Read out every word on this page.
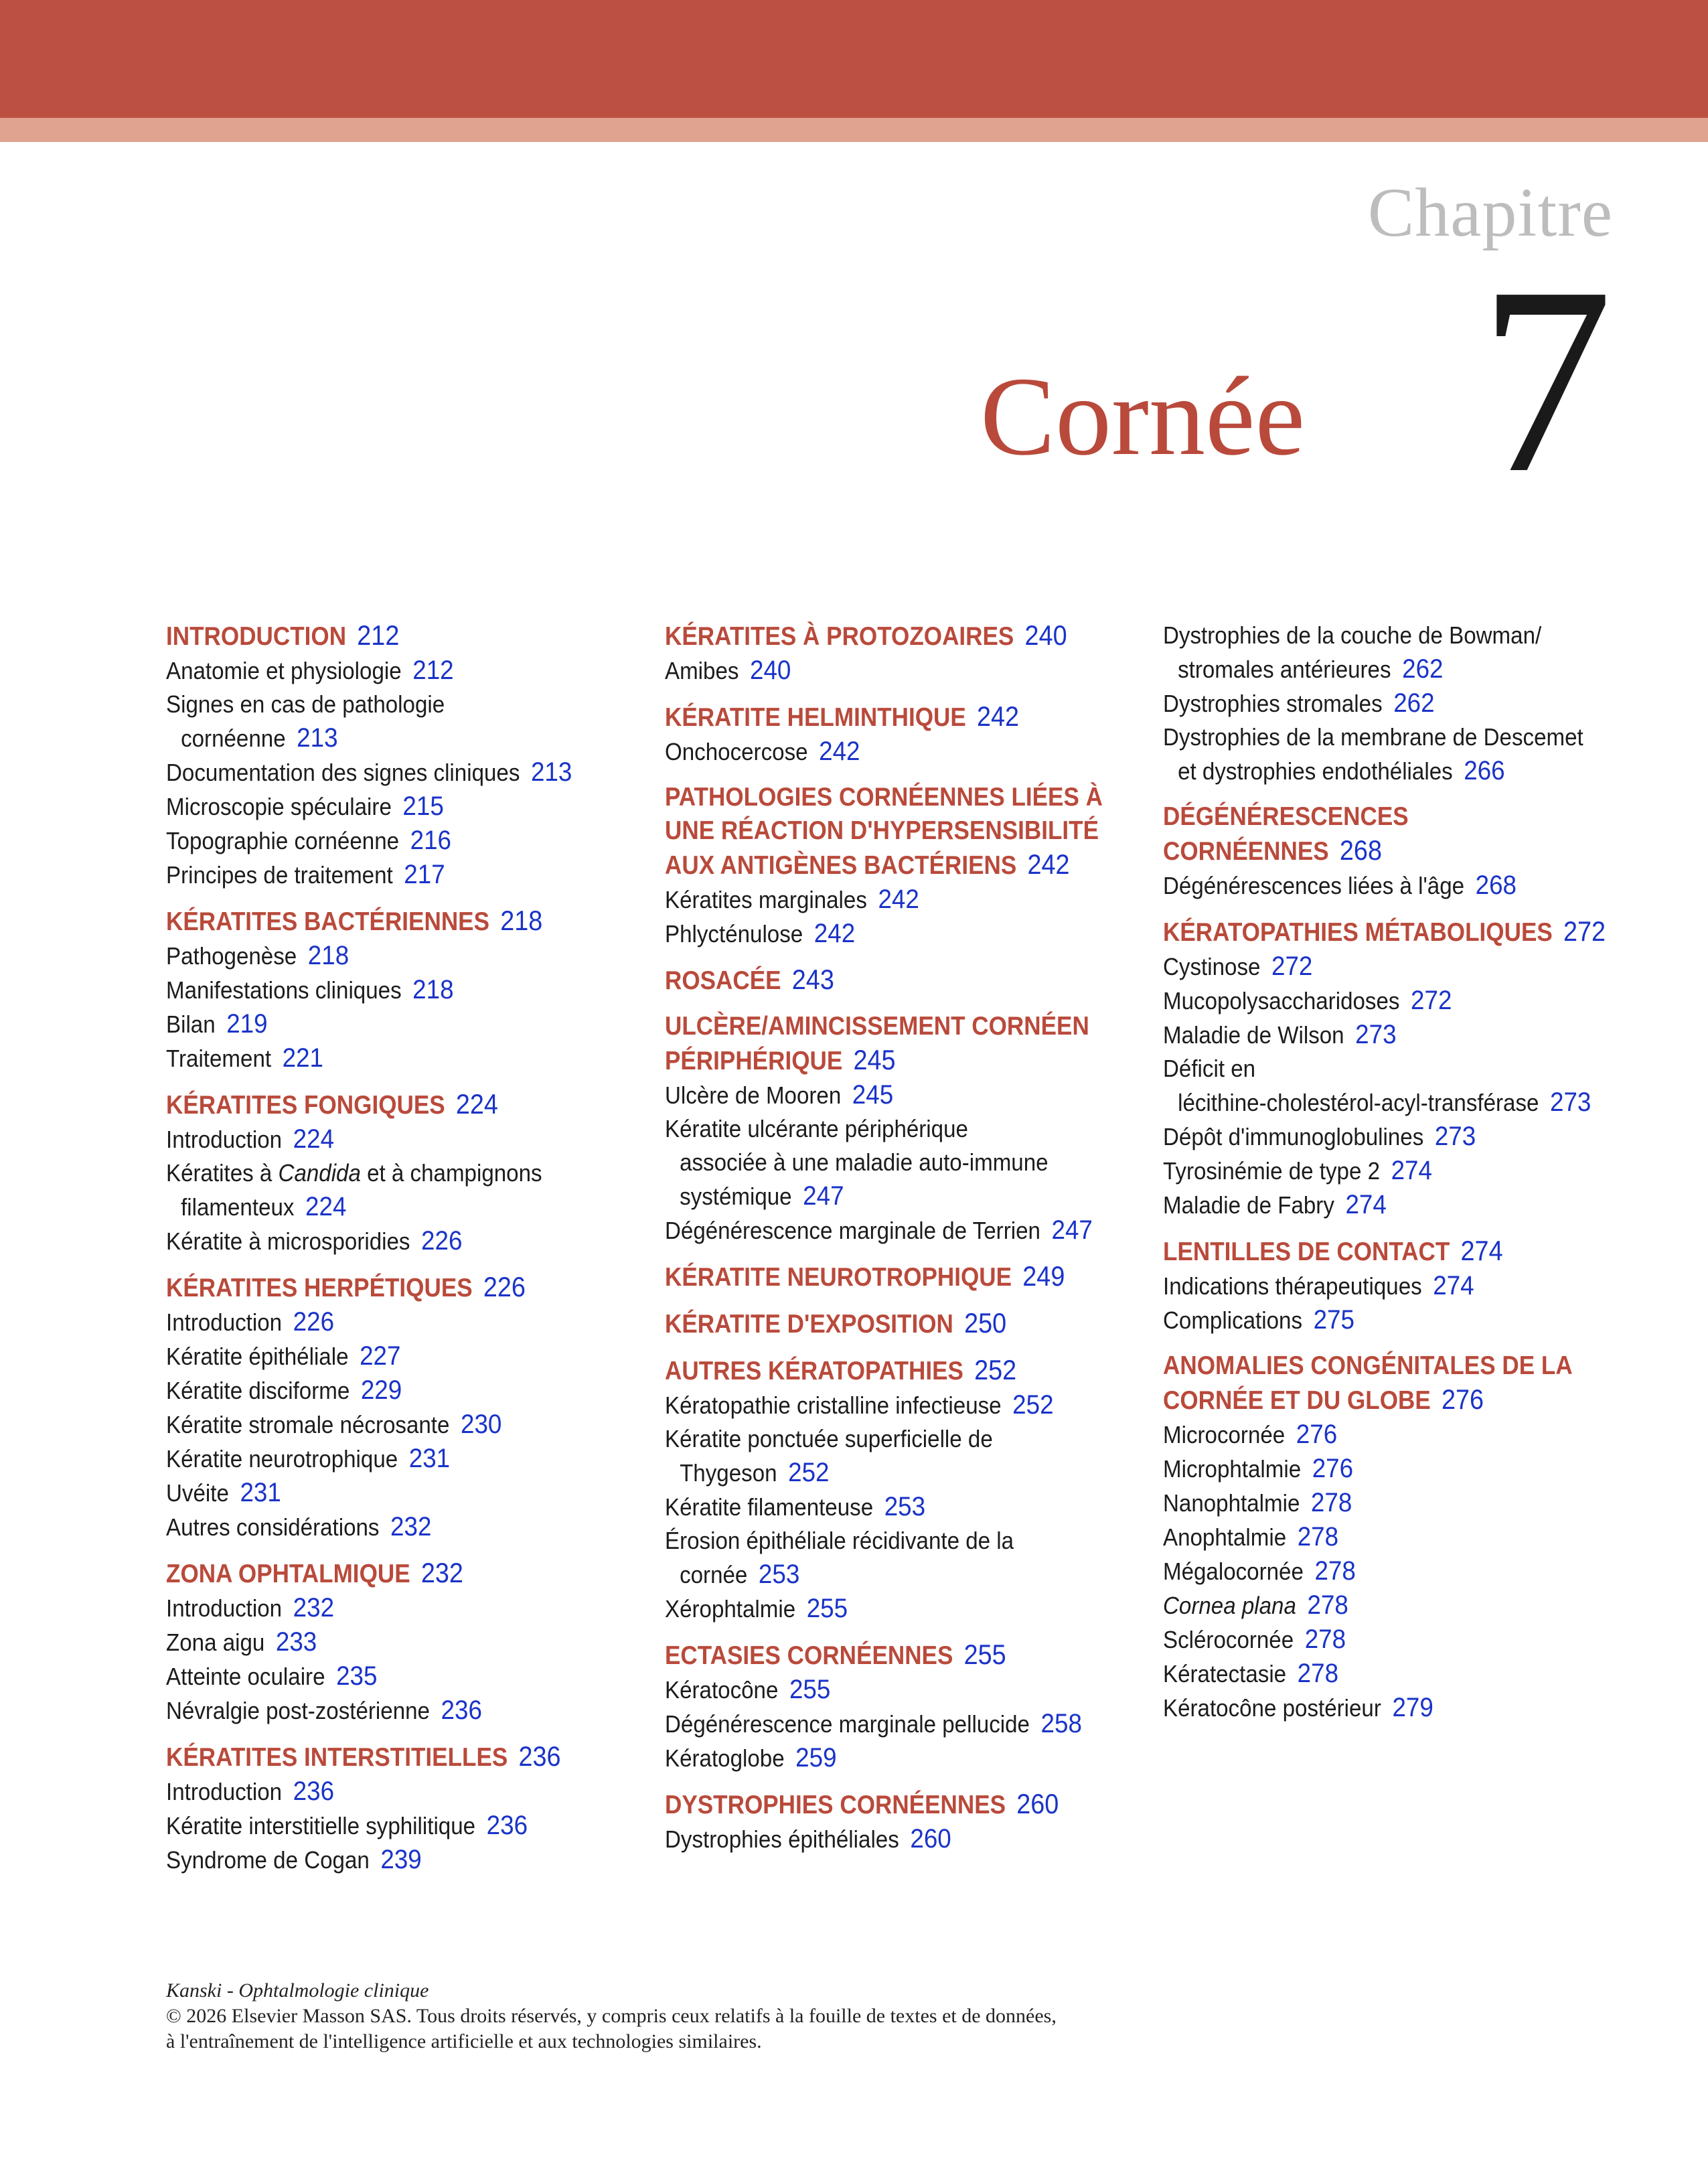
Chapitre
7
Cornée
INTRODUCTION 212
Anatomie et physiologie 212
Signes en cas de pathologie
cornéenne 213
Documentation des signes cliniques 213
Microscopie spéculaire 215
Topographie cornéenne 216
Principes de traitement 217
KÉRATITES BACTÉRIENNES 218
Pathogenèse 218
Manifestations cliniques 218
Bilan 219
Traitement 221
KÉRATITES FONGIQUES 224
Introduction 224
Kératites à Candida et à champignons
filamenteux 224
Kératite à microsporidies 226
KÉRATITES HERPÉTIQUES 226
Introduction 226
Kératite épithéliale 227
Kératite disciforme 229
Kératite stromale nécrosante 230
Kératite neurotrophique 231
Uvéite 231
Autres considérations 232
ZONA OPHTALMIQUE 232
Introduction 232
Zona aigu 233
Atteinte oculaire 235
Névralgie post-zostérienne 236
KÉRATITES INTERSTITIELLES 236
Introduction 236
Kératite interstitielle syphilitique 236
Syndrome de Cogan 239
KÉRATITES À PROTOZOAIRES 240
Amibes 240
KÉRATITE HELMINTHIQUE 242
Onchocercose 242
PATHOLOGIES CORNÉENNES LIÉES À
UNE RÉACTION D'HYPERSENSIBILITÉ
AUX ANTIGÈNES BACTÉRIENS 242
Kératites marginales 242
Phlycténulose 242
ROSACÉE 243
ULCÈRE/AMINCISSEMENT CORNÉEN
PÉRIPHÉRIQUE 245
Ulcère de Mooren 245
Kératite ulcérante périphérique
associée à une maladie auto-immune
systémique 247
Dégénérescence marginale de Terrien 247
KÉRATITE NEUROTROPHIQUE 249
KÉRATITE D'EXPOSITION 250
AUTRES KÉRATOPATHIES 252
Kératopathie cristalline infectieuse 252
Kératite ponctuée superficielle de
Thygeson 252
Kératite filamenteuse 253
Érosion épithéliale récidivante de la
cornée 253
Xérophtalmie 255
ECTASIES CORNÉENNES 255
Kératocône 255
Dégénérescence marginale pellucide 258
Kératoglobe 259
DYSTROPHIES CORNÉENNES 260
Dystrophies épithéliales 260
Dystrophies de la couche de Bowman/
stromales antérieures 262
Dystrophies stromales 262
Dystrophies de la membrane de Descemet
et dystrophies endothéliales 266
DÉGÉNÉRESCENCES
CORNÉENNES 268
Dégénérescences liées à l'âge 268
KÉRATOPATHIES MÉTABOLIQUES 272
Cystinose 272
Mucopolysaccharidoses 272
Maladie de Wilson 273
Déficit en
lécithine-cholestérol-acyl-transférase 273
Dépôt d'immunoglobulines 273
Tyrosinémie de type 2 274
Maladie de Fabry 274
LENTILLES DE CONTACT 274
Indications thérapeutiques 274
Complications 275
ANOMALIES CONGÉNITALES DE LA
CORNÉE ET DU GLOBE 276
Microcornée 276
Microphtalmie 276
Nanophtalmie 278
Anophtalmie 278
Mégalocornée 278
Cornea plana 278
Sclérocornée 278
Kératectasie 278
Kératocône postérieur 279
Kanski - Ophtalmologie clinique
© 2026 Elsevier Masson SAS. Tous droits réservés, y compris ceux relatifs à la fouille de textes et de données,
à l'entraînement de l'intelligence artificielle et aux technologies similaires.
